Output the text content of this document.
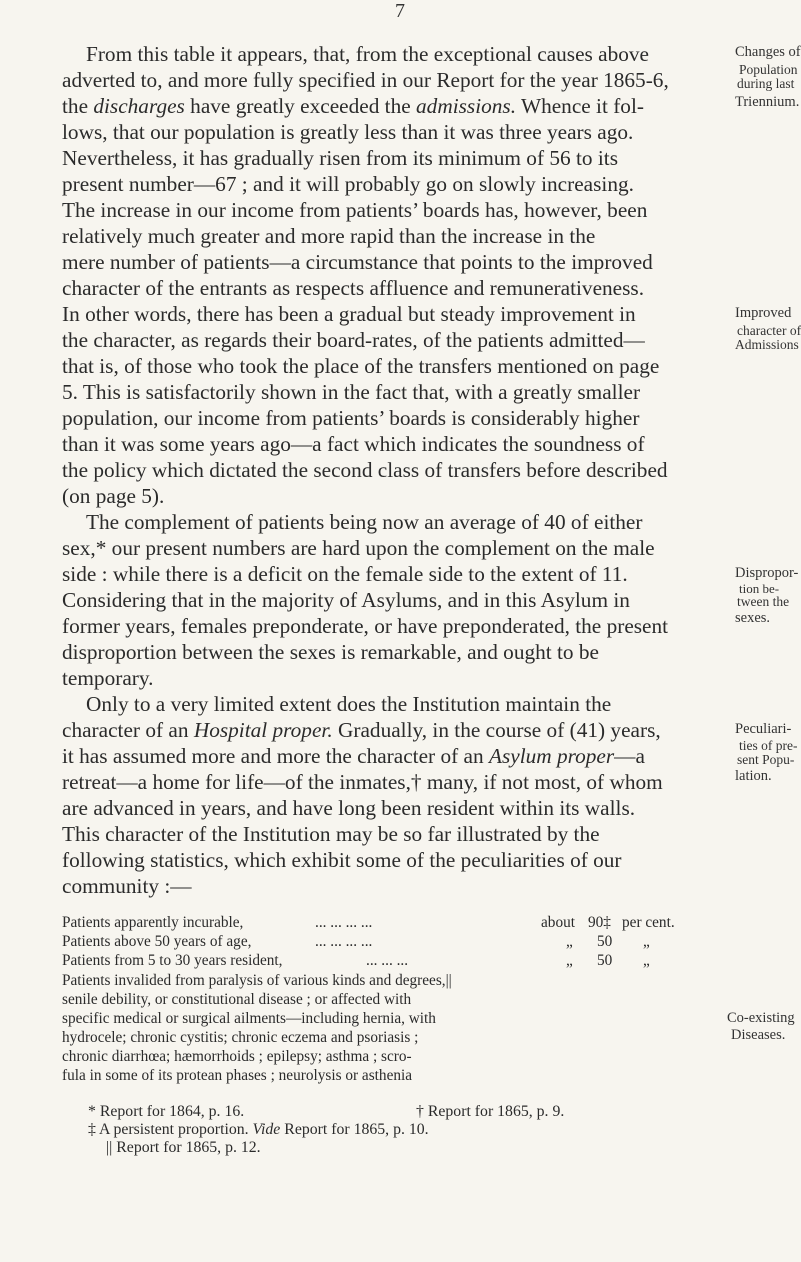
7
From this table it appears, that, from the exceptional causes above
adverted to, and more fully specified in our Report for the year 1865-6,
the discharges have greatly exceeded the admissions. Whence it fol-
lows, that our population is greatly less than it was three years ago.
Nevertheless, it has gradually risen from its minimum of 56 to its
present number—67 ; and it will probably go on slowly increasing.
The increase in our income from patients’ boards has, however, been
relatively much greater and more rapid than the increase in the
mere number of patients—a circumstance that points to the improved
character of the entrants as respects affluence and remunerativeness.
In other words, there has been a gradual but steady improvement in
the character, as regards their board-rates, of the patients admitted—
that is, of those who took the place of the transfers mentioned on page
5. This is satisfactorily shown in the fact that, with a greatly smaller
population, our income from patients’ boards is considerably higher
than it was some years ago—a fact which indicates the soundness of
the policy which dictated the second class of transfers before described
(on page 5).
The complement of patients being now an average of 40 of either
sex,* our present numbers are hard upon the complement on the male
side : while there is a deficit on the female side to the extent of 11.
Considering that in the majority of Asylums, and in this Asylum in
former years, females preponderate, or have preponderated, the present
disproportion between the sexes is remarkable, and ought to be
temporary.
Only to a very limited extent does the Institution maintain the
character of an Hospital proper. Gradually, in the course of (41) years,
it has assumed more and more the character of an Asylum proper—a
retreat—a home for life—of the inmates,† many, if not most, of whom
are advanced in years, and have long been resident within its walls.
This character of the Institution may be so far illustrated by the
following statistics, which exhibit some of the peculiarities of our
community :—
Changes of
Population
during last
Triennium.
Improved
character of
Admissions
Dispropor-
tion be-
tween the
sexes.
Peculiari-
ties of pre-
sent Popu-
lation.
Co-existing
Diseases.
Patients apparently incurable,	... ... ... ...	about 90‡ per cent.
Patients above 50 years of age,	... ... ... ...	„ 50 „
Patients from 5 to 30 years resident,	... ... ...	„ 50 „
Patients invalided from paralysis of various kinds and degrees,||
senile debility, or constitutional disease ; or affected with
specific medical or surgical ailments—including hernia, with
hydrocele; chronic cystitis; chronic eczema and psoriasis ;
chronic diarrhœa; hæmorrhoids ; epilepsy; asthma ; scro-
fula in some of its protean phases ; neurolysis or asthenia
* Report for 1864, p. 16.	† Report for 1865, p. 9.
‡ A persistent proportion. Vide Report for 1865, p. 10.
|| Report for 1865, p. 12.
